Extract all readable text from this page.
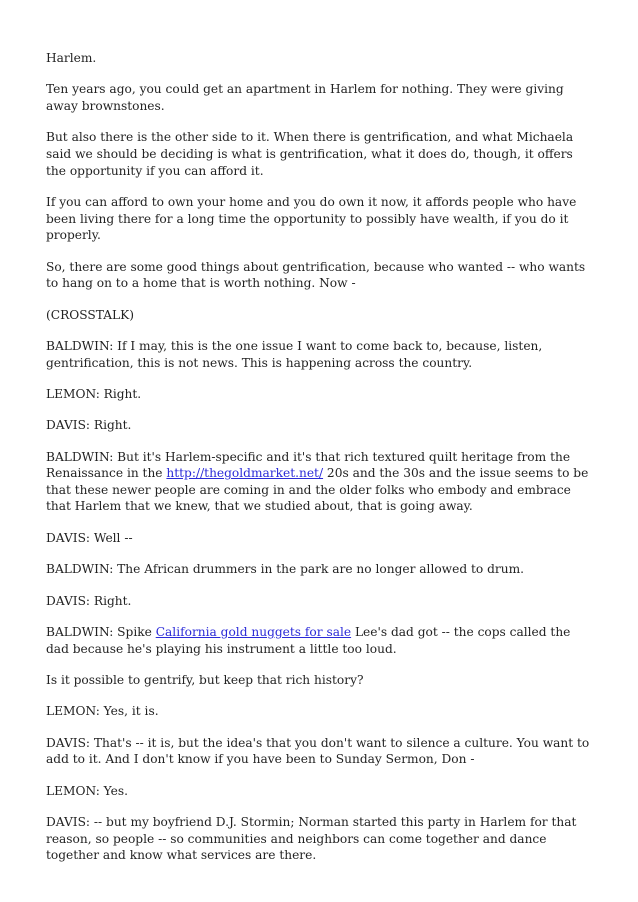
Harlem.

Ten years ago, you could get an apartment in Harlem for nothing. They were giving away brownstones.

But also there is the other side to it. When there is gentrification, and what Michaela said we should be deciding is what is gentrification, what it does do, though, it offers the opportunity if you can afford it.

If you can afford to own your home and you do own it now, it affords people who have been living there for a long time the opportunity to possibly have wealth, if you do it properly.

So, there are some good things about gentrification, because who wanted -- who wants to hang on to a home that is worth nothing. Now -

(CROSSTALK)

BALDWIN: If I may, this is the one issue I want to come back to, because, listen, gentrification, this is not news. This is happening across the country.

LEMON: Right.

DAVIS: Right.

BALDWIN: But it's Harlem-specific and it's that rich textured quilt heritage from the Renaissance in the http://thegoldmarket.net/ 20s and the 30s and the issue seems to be that these newer people are coming in and the older folks who embody and embrace that Harlem that we knew, that we studied about, that is going away.

DAVIS: Well --

BALDWIN: The African drummers in the park are no longer allowed to drum.

DAVIS: Right.

BALDWIN: Spike California gold nuggets for sale Lee's dad got -- the cops called the dad because he's playing his instrument a little too loud.

Is it possible to gentrify, but keep that rich history?

LEMON: Yes, it is.

DAVIS: That's -- it is, but the idea's that you don't want to silence a culture. You want to add to it. And I don't know if you have been to Sunday Sermon, Don -

LEMON: Yes.

DAVIS: -- but my boyfriend D.J. Stormin; Norman started this party in Harlem for that reason, so people -- so communities and neighbors can come together and dance together and know what services are there.
